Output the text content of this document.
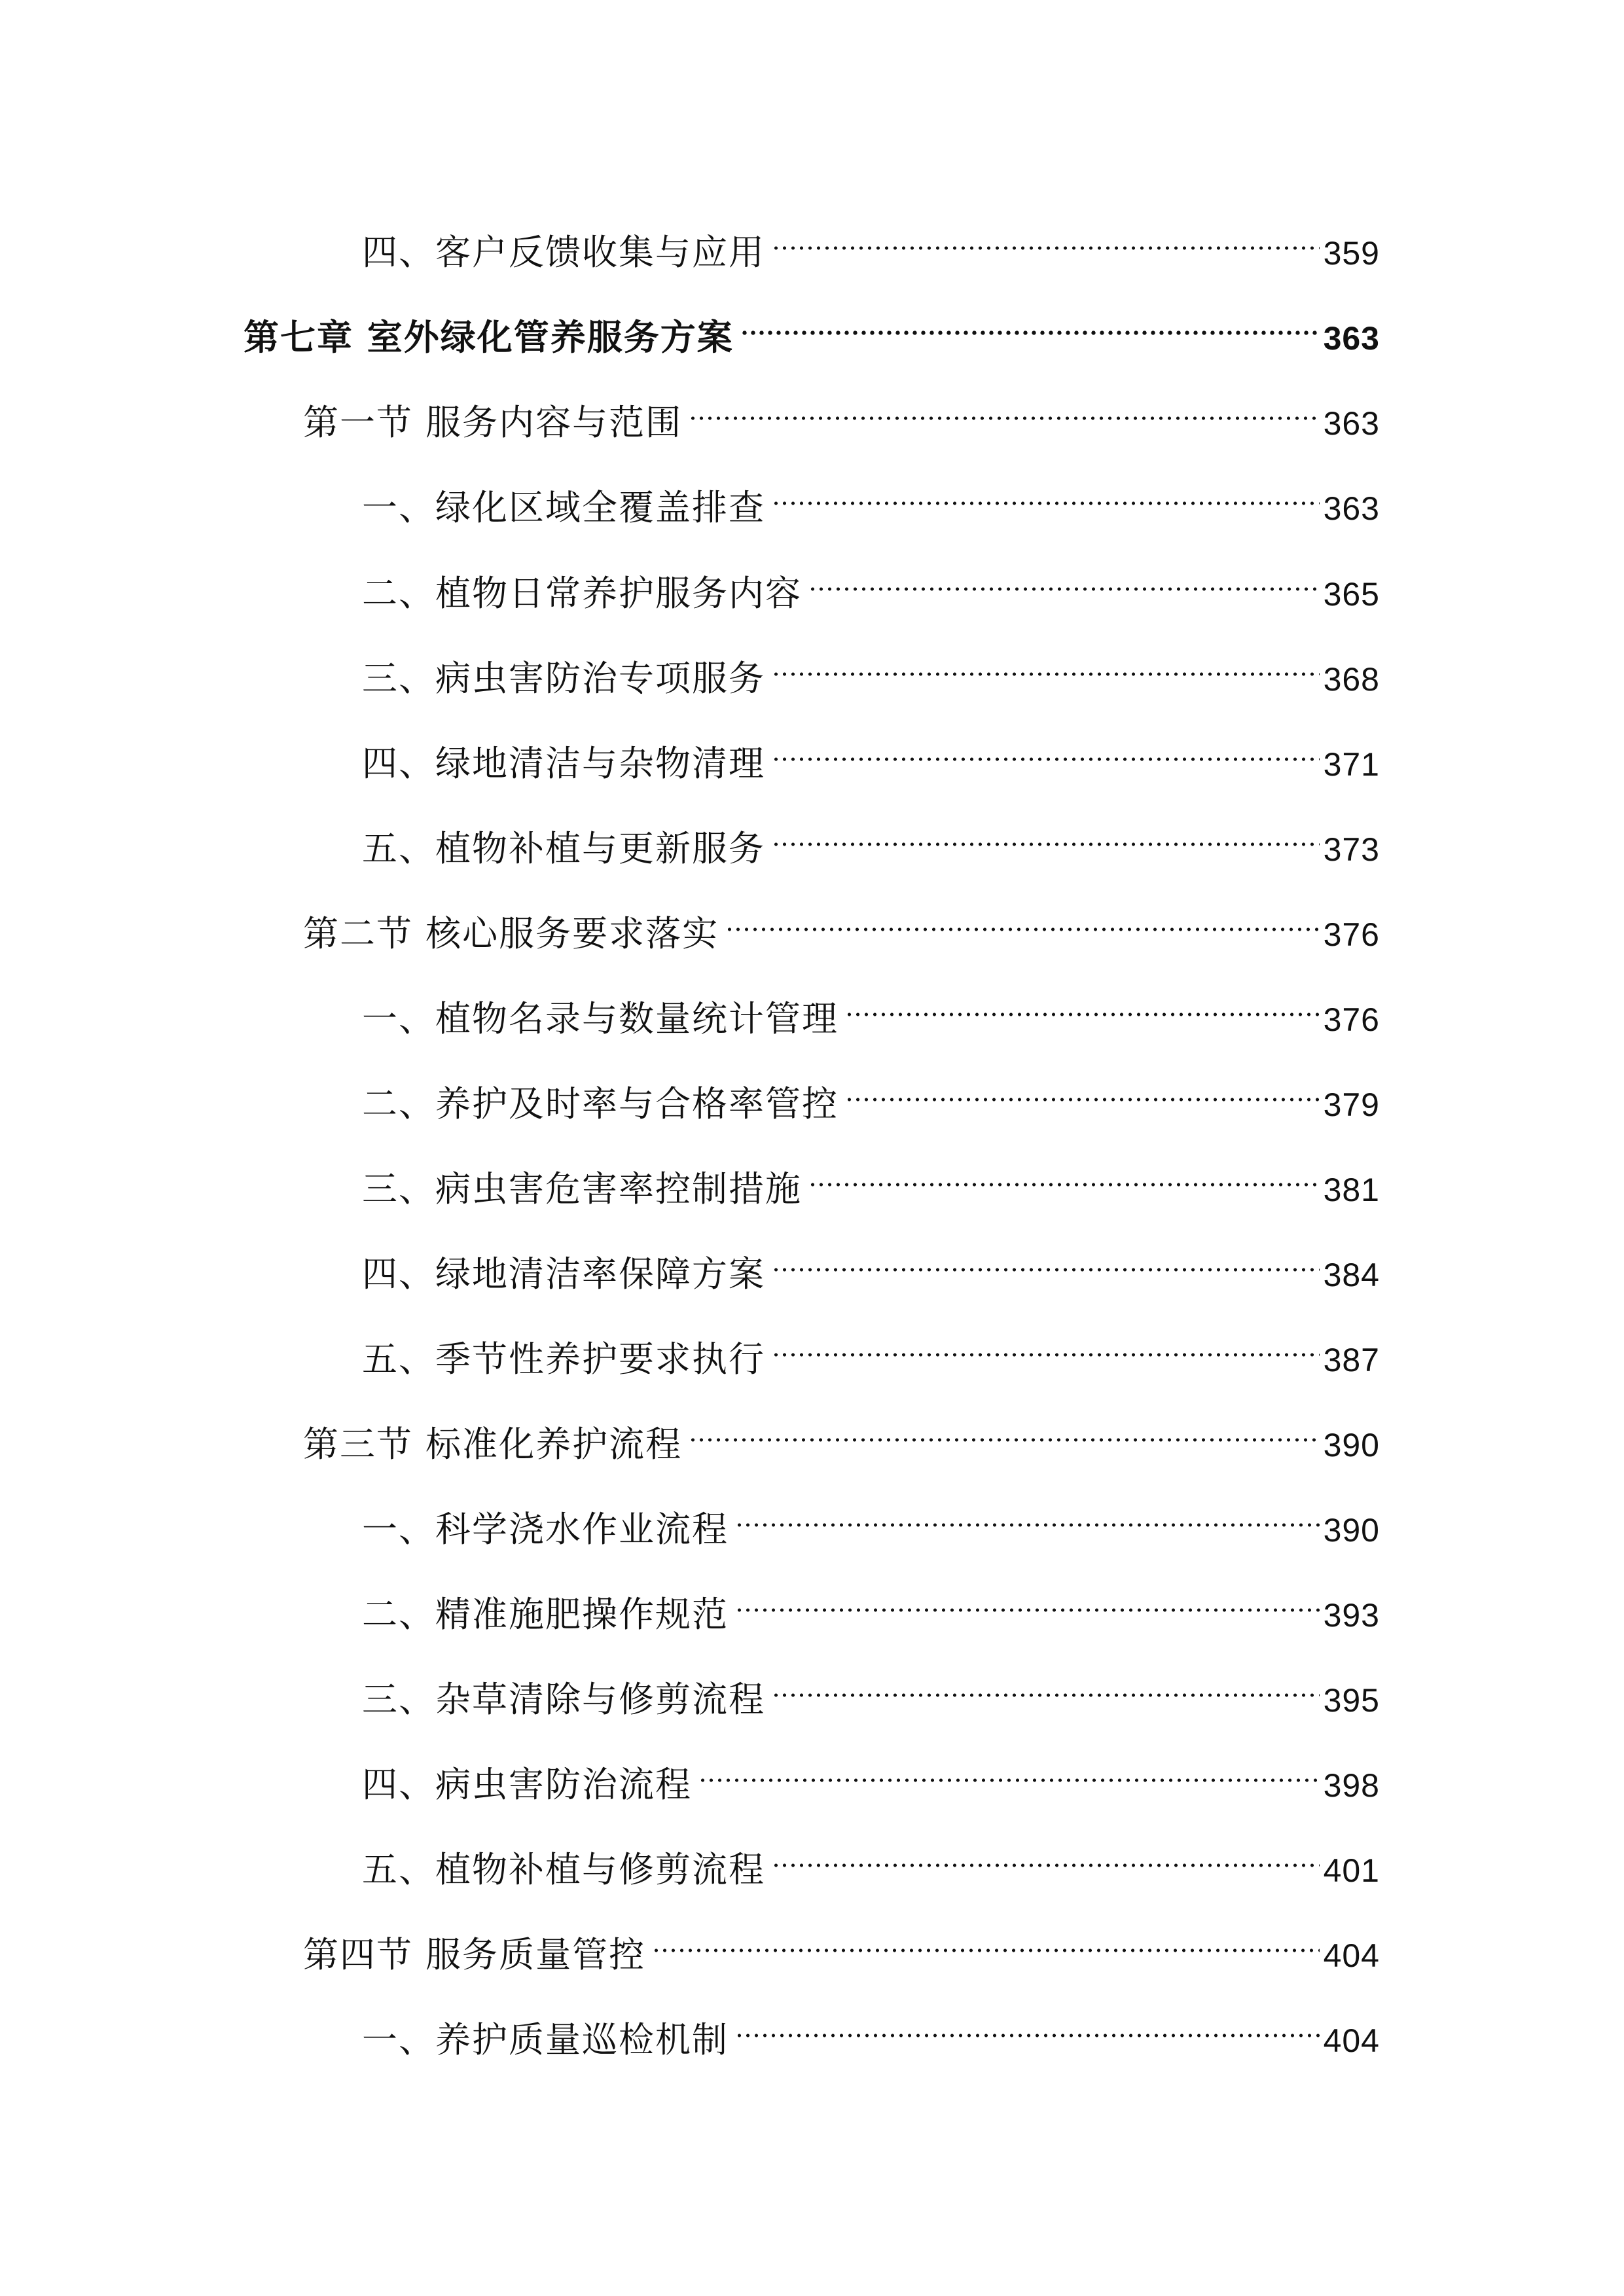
四、客户反馈收集与应用	359
第七章 室外绿化管养服务方案	363
第一节 服务内容与范围	363
一、绿化区域全覆盖排查	363
二、植物日常养护服务内容	365
三、病虫害防治专项服务	368
四、绿地清洁与杂物清理	371
五、植物补植与更新服务	373
第二节 核心服务要求落实	376
一、植物名录与数量统计管理	376
二、养护及时率与合格率管控	379
三、病虫害危害率控制措施	381
四、绿地清洁率保障方案	384
五、季节性养护要求执行	387
第三节 标准化养护流程	390
一、科学浇水作业流程	390
二、精准施肥操作规范	393
三、杂草清除与修剪流程	395
四、病虫害防治流程	398
五、植物补植与修剪流程	401
第四节 服务质量管控	404
一、养护质量巡检机制	404
